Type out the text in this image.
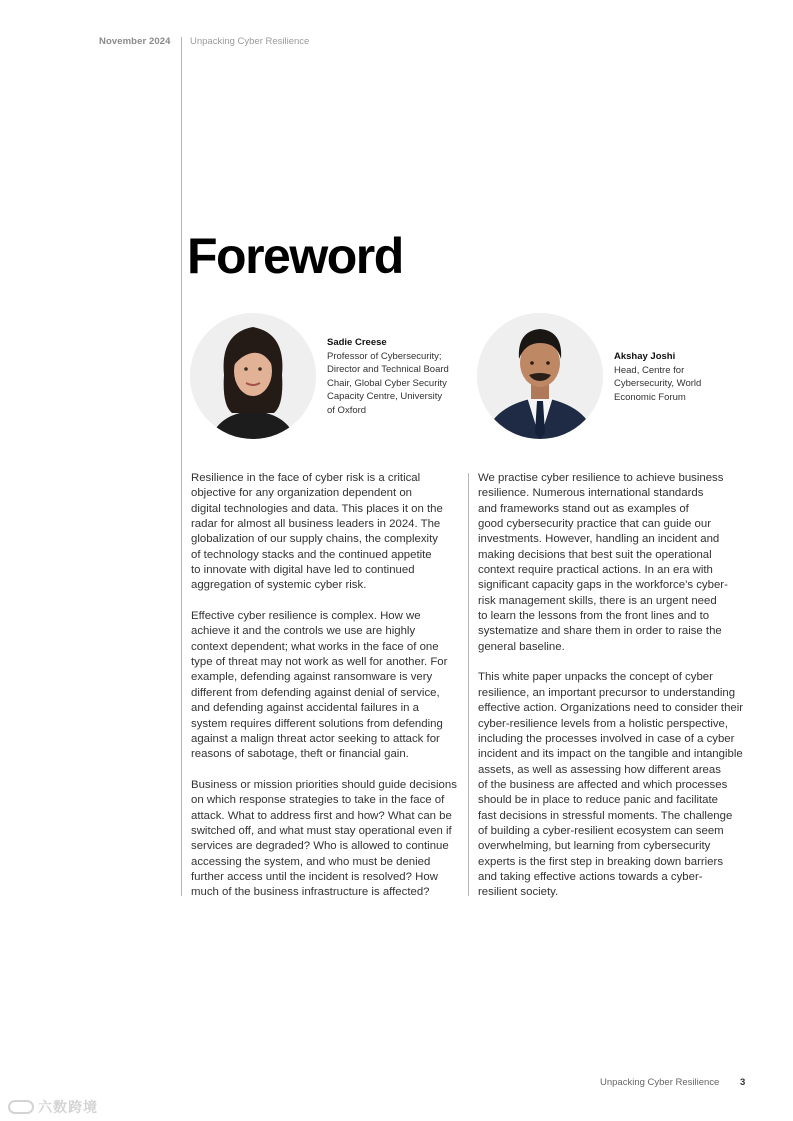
November 2024 Unpacking Cyber Resilience
Foreword
Sadie Creese
Professor of Cybersecurity;
Director and Technical Board
Chair, Global Cyber Security
Capacity Centre, University
of Oxford
Akshay Joshi
Head, Centre for
Cybersecurity, World
Economic Forum

Resilience in the face of cyber risk is a critical
objective for any organization dependent on
digital technologies and data. This places it on the
radar for almost all business leaders in 2024. The
globalization of our supply chains, the complexity
of technology stacks and the continued appetite
to innovate with digital have led to continued
aggregation of systemic cyber risk.

Effective cyber resilience is complex. How we
achieve it and the controls we use are highly
context dependent; what works in the face of one
type of threat may not work as well for another. For
example, defending against ransomware is very
different from defending against denial of service,
and defending against accidental failures in a
system requires different solutions from defending
against a malign threat actor seeking to attack for
reasons of sabotage, theft or financial gain.

Business or mission priorities should guide decisions
on which response strategies to take in the face of
attack. What to address first and how? What can be
switched off, and what must stay operational even if
services are degraded? Who is allowed to continue
accessing the system, and who must be denied
further access until the incident is resolved? How
much of the business infrastructure is affected?

We practise cyber resilience to achieve business
resilience. Numerous international standards
and frameworks stand out as examples of
good cybersecurity practice that can guide our
investments. However, handling an incident and
making decisions that best suit the operational
context require practical actions. In an era with
significant capacity gaps in the workforce’s cyber-
risk management skills, there is an urgent need
to learn the lessons from the front lines and to
systematize and share them in order to raise the
general baseline.

This white paper unpacks the concept of cyber
resilience, an important precursor to understanding
effective action. Organizations need to consider their
cyber-resilience levels from a holistic perspective,
including the processes involved in case of a cyber
incident and its impact on the tangible and intangible
assets, as well as assessing how different areas
of the business are affected and which processes
should be in place to reduce panic and facilitate
fast decisions in stressful moments. The challenge
of building a cyber-resilient ecosystem can seem
overwhelming, but learning from cybersecurity
experts is the first step in breaking down barriers
and taking effective actions towards a cyber-
resilient society.

Unpacking Cyber Resilience 3
六数跨境
